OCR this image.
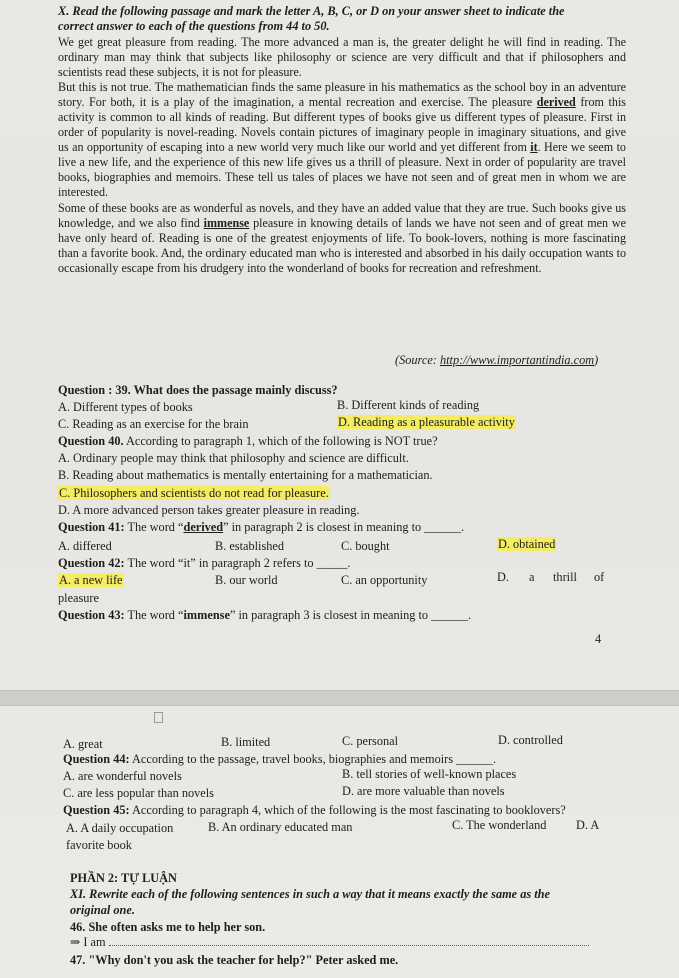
X. Read the following passage and mark the letter A, B, C, or D on your answer sheet to indicate the
correct answer to each of the questions from 44 to 50.

We get great pleasure from reading. The more advanced a man is, the greater delight he will find in reading. The ordinary man may think that subjects like philosophy or science are very difficult and that if philosophers and scientists read these subjects, it is not for pleasure.

But this is not true. The mathematician finds the same pleasure in his mathematics as the school boy in an adventure story. For both, it is a play of the imagination, a mental recreation and exercise. The pleasure derived from this activity is common to all kinds of reading. But different types of books give us different types of pleasure. First in order of popularity is novel-reading. Novels contain pictures of imaginary people in imaginary situations, and give us an opportunity of escaping into a new world very much like our world and yet different from it. Here we seem to live a new life, and the experience of this new life gives us a thrill of pleasure. Next in order of popularity are travel books, biographies and memoirs. These tell us tales of places we have not seen and of great men in whom we are interested.

Some of these books are as wonderful as novels, and they have an added value that they are true. Such books give us knowledge, and we also find immense pleasure in knowing details of lands we have not seen and of great men we have only heard of. Reading is one of the greatest enjoyments of life. To book-lovers, nothing is more fascinating than a favorite book. And, the ordinary educated man who is interested and absorbed in his daily occupation wants to occasionally escape from his drudgery into the wonderland of books for recreation and refreshment.

(Source: http://www.importantindia.com)
Question : 39. What does the passage mainly discuss?
A. Different types of books	B. Different kinds of reading
C. Reading as an exercise for the brain	D. Reading as a pleasurable activity
Question 40. According to paragraph 1, which of the following is NOT true?
A. Ordinary people may think that philosophy and science are difficult.
B. Reading about mathematics is mentally entertaining for a mathematician.
C. Philosophers and scientists do not read for pleasure.
D. A more advanced person takes greater pleasure in reading.
Question 41: The word “derived” in paragraph 2 is closest in meaning to ______.
A. differed	B. established	C. bought	D. obtained
Question 42: The word “it” in paragraph 2 refers to _____.
A. a new life	B. our world	C. an opportunity	D. a thrill of
pleasure
Question 43: The word “immense” in paragraph 3 is closest in meaning to ______.
4
A. great	B. limited	C. personal	D. controlled
Question 44: According to the passage, travel books, biographies and memoirs ______.
A. are wonderful novels	B. tell stories of well-known places
C. are less popular than novels	D. are more valuable than novels
Question 45: According to paragraph 4, which of the following is the most fascinating to booklovers?
A. A daily occupation	B. An ordinary educated man	C. The wonderland D. A
favorite book
PHẦN 2: TỰ LUẬN
XI. Rewrite each of the following sentences in such a way that it means exactly the same as the
original one.
46. She often asks me to help her son.
⇒ I am
47. "Why don't you ask the teacher for help?" Peter asked me.
